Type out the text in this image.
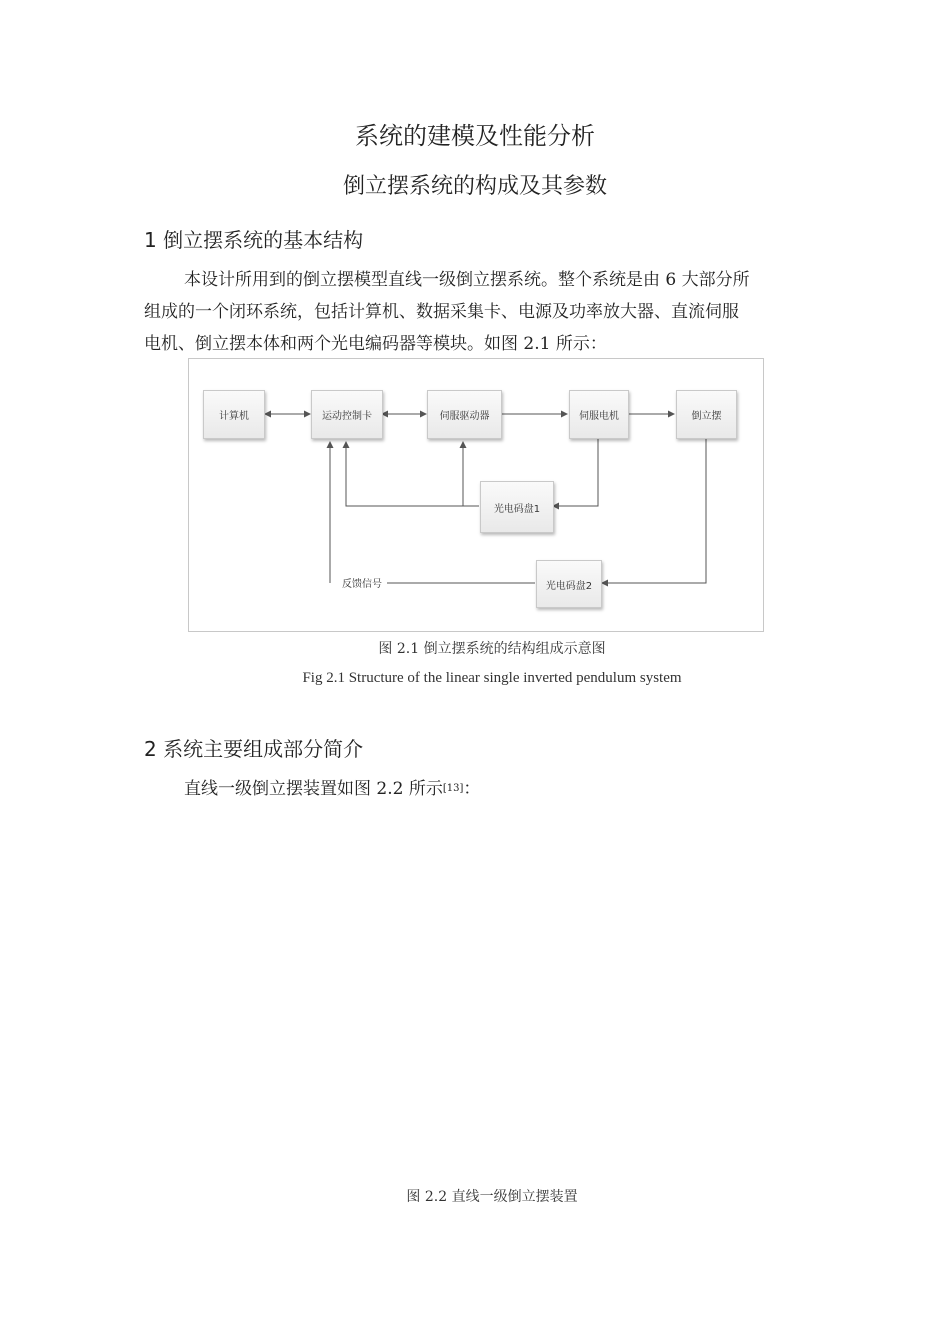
系统的建模及性能分析
倒立摆系统的构成及其参数
1 倒立摆系统的基本结构

本设计所用到的倒立摆模型直线一级倒立摆系统。整个系统是由 6 大部分所

组成的一个闭环系统，包括计算机、数据采集卡、电源及功率放大器、直流伺服

电机、倒立摆本体和两个光电编码器等模块。如图 2.1 所示：

计算机	运动控制卡	伺服驱动器	伺服电机	倒立摆
光电码盘1
光电码盘2
反馈信号
图 2.1 倒立摆系统的结构组成示意图
Fig 2.1 Structure of the linear single inverted pendulum system
2 系统主要组成部分简介

直线一级倒立摆装置如图 2.2 所示[13]：

图 2.2 直线一级倒立摆装置
